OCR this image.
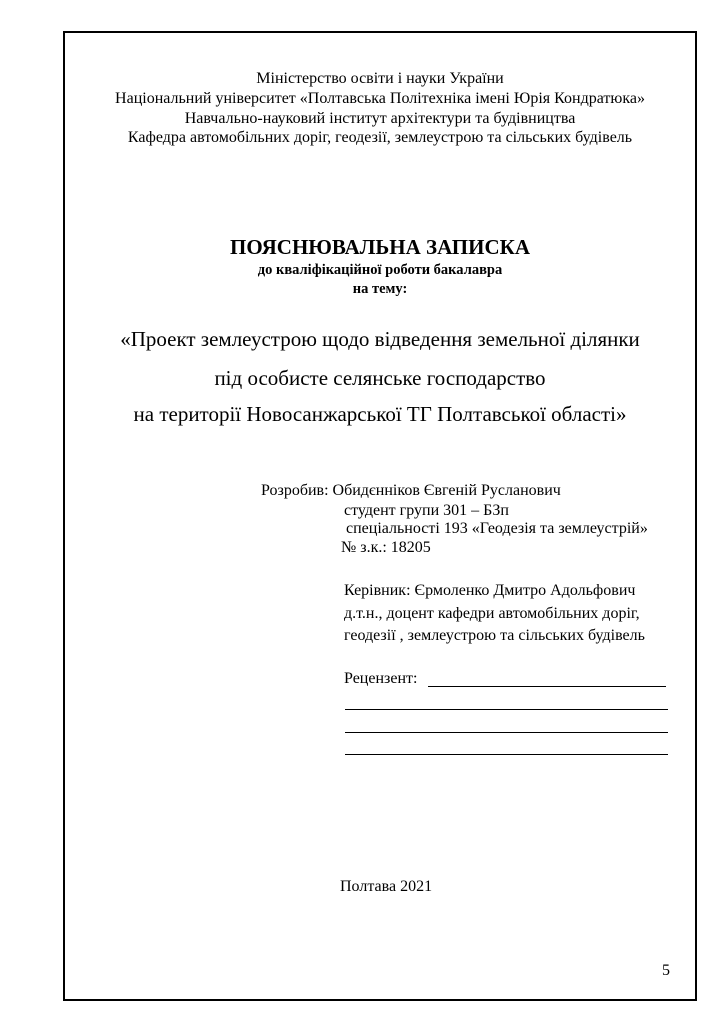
Міністерство освіти і науки України
Національний університет «Полтавська Політехніка імені Юрія Кондратюка»
Навчально-науковий інститут архітектури та будівництва
Кафедра автомобільних доріг, геодезії, землеустрою та сільських будівель
ПОЯСНЮВАЛЬНА ЗАПИСКА
до кваліфікаційної роботи бакалавра
на тему:
«Проект землеустрою щодо відведення земельної ділянки
під особисте селянське господарство
на території Новосанжарської ТГ Полтавської області»
Розробив: Обидєнніков Євгеній Русланович
студент групи 301 – БЗп
спеціальності 193 «Геодезія та землеустрій»
№ з.к.: 18205
Керівник: Єрмоленко Дмитро Адольфович
д.т.н., доцент кафедри автомобільних доріг,
геодезії , землеустрою та сільських будівель
Рецензент:
Полтава 2021
5
